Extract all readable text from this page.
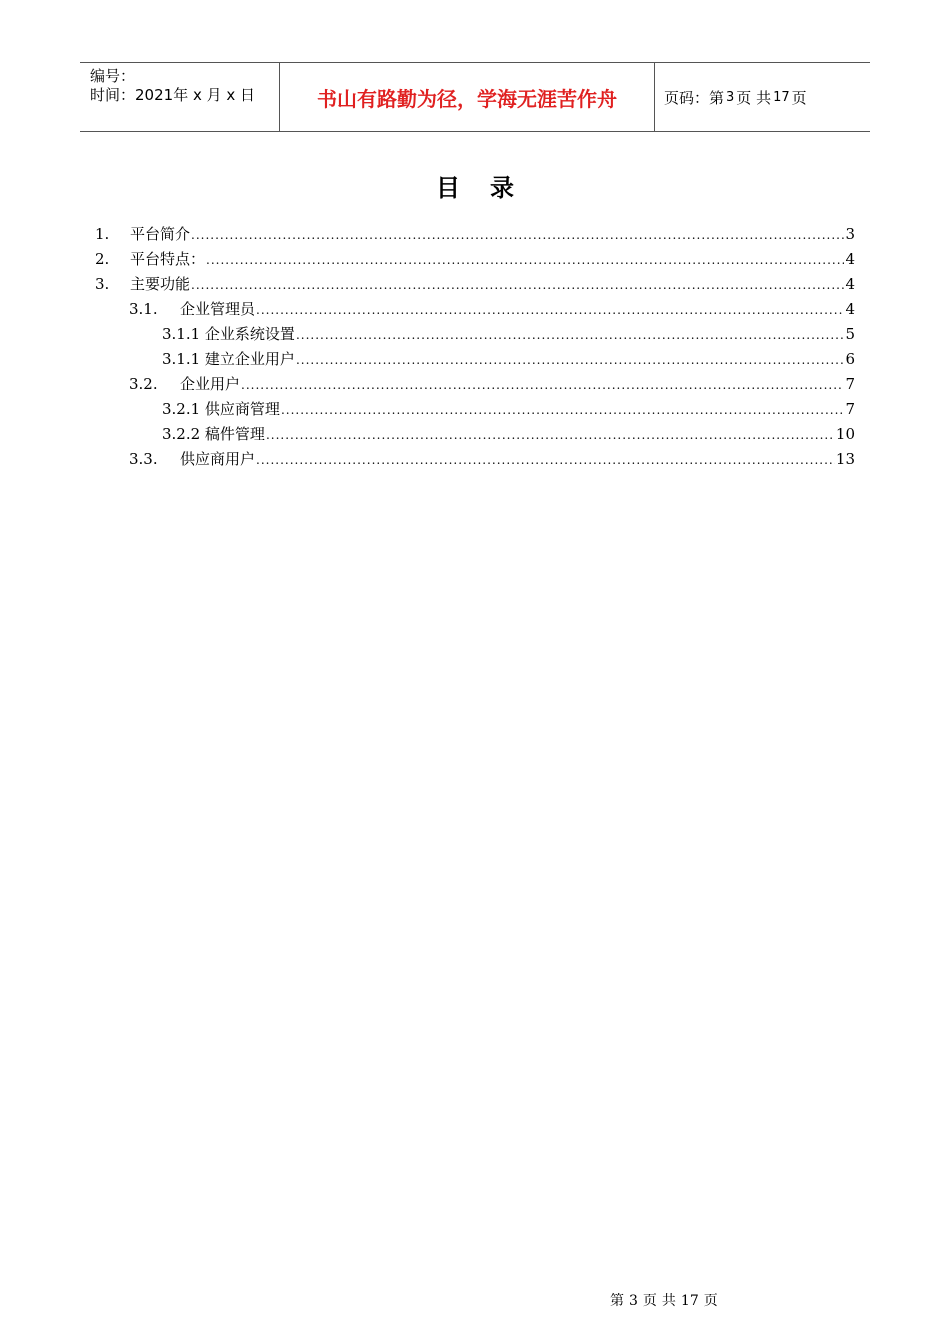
编号：
时间：2021年 x 月 x 日	书山有路勤为径，学海无涯苦作舟	页码：第 3 页 共 17 页
目录
1.	平台简介 .....	3
2.	平台特点： .....	4
3.	主要功能 .....	4
3.1.	企业管理员 .....	4
3.1.1 企业系统设置 .....	5
3.1.1 建立企业用户 .....	6
3.2.	企业用户 .....	7
3.2.1 供应商管理 .....	7
3.2.2 稿件管理 .....	10
3.3.	供应商用户 .....	13
第 3 页 共 17 页
